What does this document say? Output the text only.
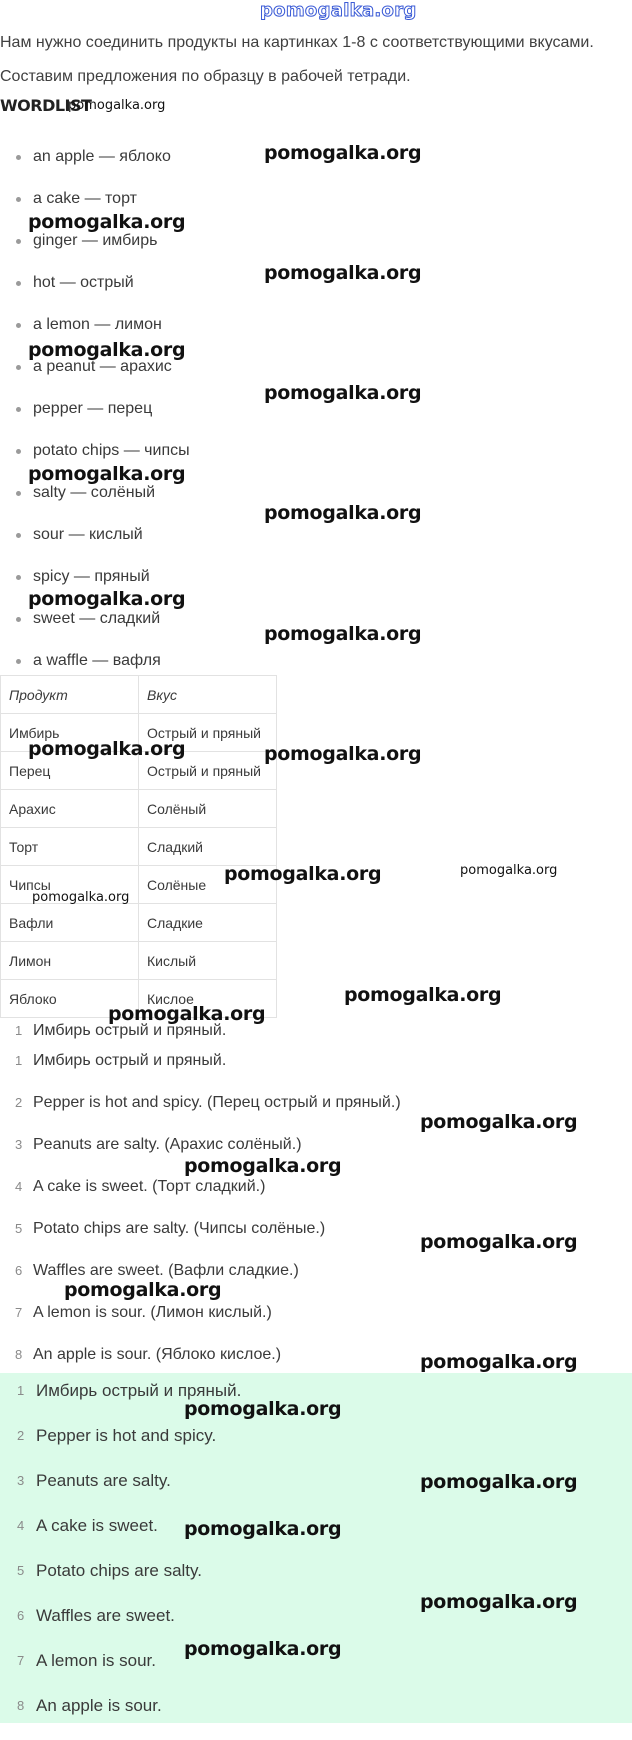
pomogalka.org
Нам нужно соединить продукты на картинках 1-8 с соответствующими вкусами. Составим предложения по образцу в рабочей тетради.
WORDLIST
an apple — яблоко
a cake — торт
ginger — имбирь
hot — острый
a lemon — лимон
a peanut — арахис
pepper — перец
potato chips — чипсы
salty — солёный
sour — кислый
spicy — пряный
sweet — сладкий
a waffle — вафля
Продукт	Вкус
Имбирь	Острый и пряный
Перец	Острый и пряный
Арахис	Солёный
Торт	Сладкий
Чипсы	Солёные
Вафли	Сладкие
Лимон	Кислый
Яблоко	Кислое
1 Имбирь острый и пряный.
1 Имбирь острый и пряный.
2 Pepper is hot and spicy. (Перец острый и пряный.)
3 Peanuts are salty. (Арахис солёный.)
4 A cake is sweet. (Торт сладкий.)
5 Potato chips are salty. (Чипсы солёные.)
6 Waffles are sweet. (Вафли сладкие.)
7 A lemon is sour. (Лимон кислый.)
8 An apple is sour. (Яблоко кислое.)
1 Имбирь острый и пряный.
2 Pepper is hot and spicy.
3 Peanuts are salty.
4 A cake is sweet.
5 Potato chips are salty.
6 Waffles are sweet.
7 A lemon is sour.
8 An apple is sour.
pomogalka.org
pomogalka.org
pomogalka.org
pomogalka.org
pomogalka.org
pomogalka.org
pomogalka.org
pomogalka.org
pomogalka.org
pomogalka.org
pomogalka.org	pomogalka.org
pomogalka.org	pomogalka.org
pomogalka.org
pomogalka.org
pomogalka.org
pomogalka.org
pomogalka.org
pomogalka.org
pomogalka.org
pomogalka.org
pomogalka.org
pomogalka.org
pomogalka.org
pomogalka.org
pomogalka.org
